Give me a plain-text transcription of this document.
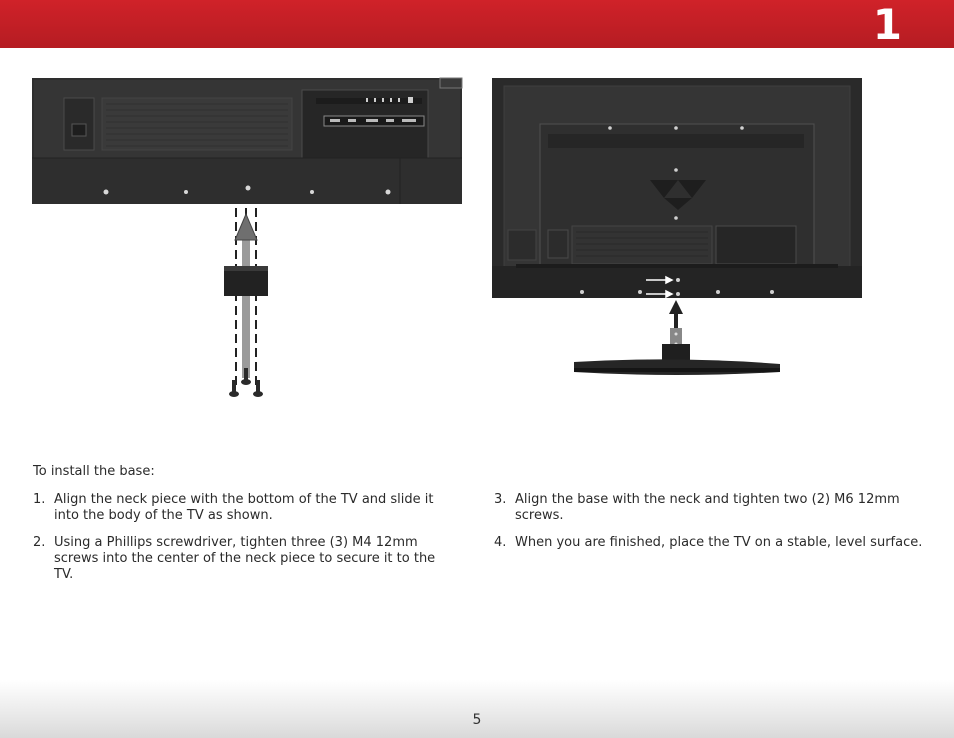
1
To install the base:
1. Align the neck piece with the bottom of the TV and slide it into the body of the TV as shown.
2. Using a Phillips screwdriver, tighten three (3) M4 12mm screws into the center of the neck piece to secure it to the TV.
3. Align the base with the neck and tighten two (2) M6 12mm screws.
4. When you are finished, place the TV on a stable, level surface.
5
